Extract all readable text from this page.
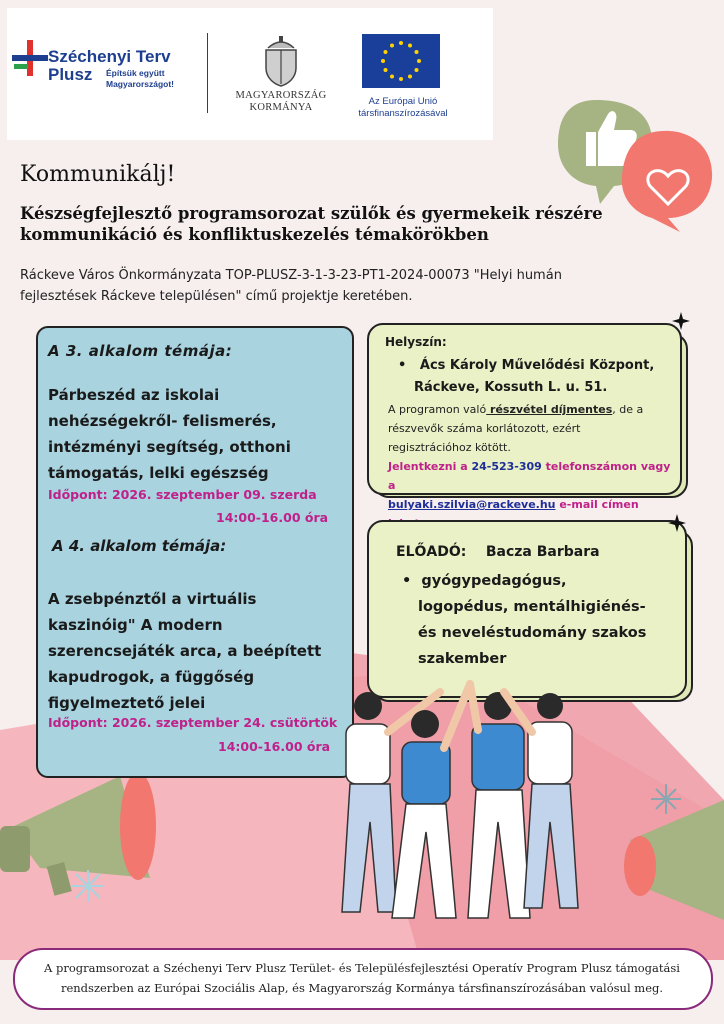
Széchenyi Terv
Plusz	Építsük együtt
Magyarországot!
MAGYARORSZÁG
KORMÁNYA
Az Európai Unió
társfinanszírozásával
Kommunikálj!
Készségfejlesztő programsorozat szülők és gyermekeik részére
kommunikáció és konfliktuskezelés témakörökben
Ráckeve Város Önkormányzata TOP-PLUSZ-3-1-3-23-PT1-2024-00073 "Helyi humán
fejlesztések Ráckeve településen" című projektje keretében.
A 3. alkalom témája:
Párbeszéd az iskolai
nehézségekről- felismerés,
intézményi segítség, otthoni
támogatás, lelki egészség
Időpont: 2026. szeptember 09. szerda
14:00-16.00 óra
A 4. alkalom témája:
A zsebpénztől a virtuális
kaszinóig" A modern
szerencsejáték arca, a beépített
kapudrogok, a függőség
figyelmeztető jelei
Időpont: 2026. szeptember 24. csütörtök
14:00-16.00 óra
Helyszín:
•   Ács Károly Művelődési Központ,
Ráckeve, Kossuth L. u. 51.
A programon való részvétel díjmentes, de a
részvevők száma korlátozott, ezért
regisztrációhoz kötött.
Jelentkezni a 24-523-309 telefonszámon vagy a
bulyaki.szilvia@rackeve.hu e-mail címen
ELŐADÓ: Bacza Barbara
•  gyógypedagógus,
logopédus, mentálhigiénés-
és neveléstudomány szakos
szakember
A programsorozat a Széchenyi Terv Plusz Terület- és Településfejlesztési Operatív Program Plusz támogatási
rendszerben az Európai Szociális Alap, és Magyarország Kormánya társfinanszírozásában valósul meg.
